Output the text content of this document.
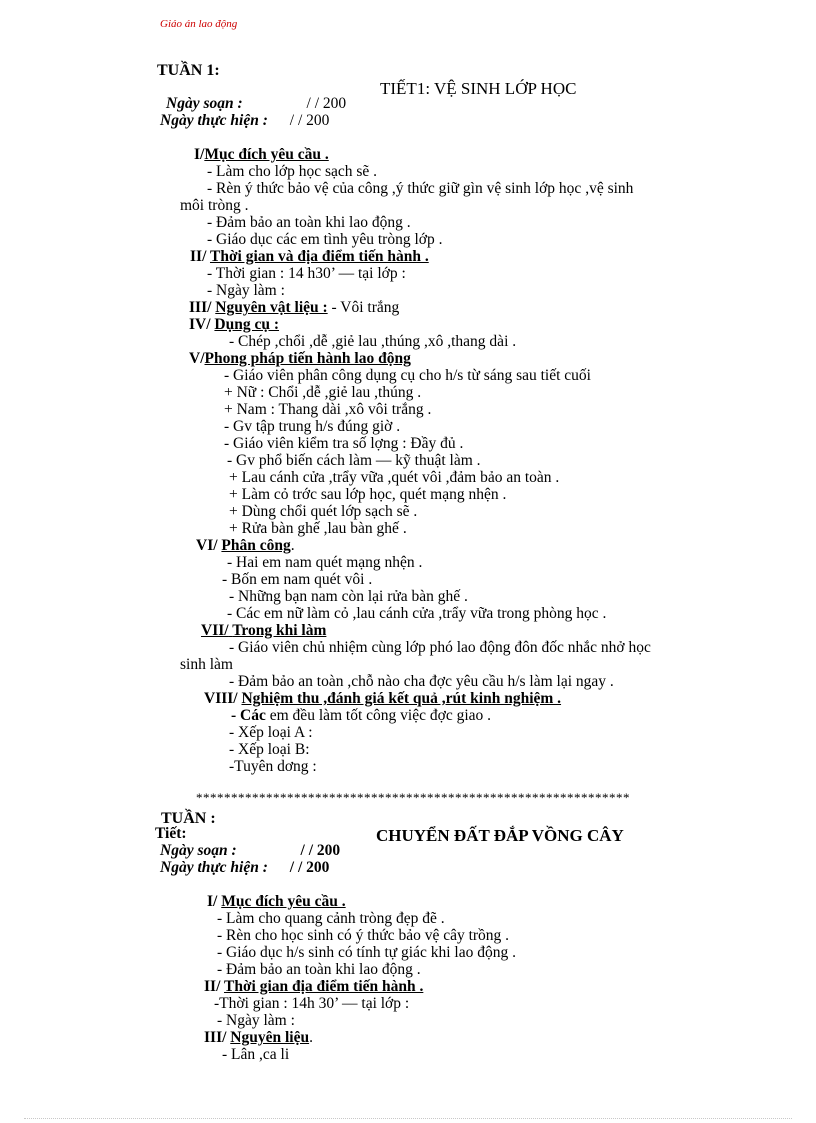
Giáo án lao động
TUẦN 1:
TIẾT1: VỆ SINH LỚP HỌC
Ngày soạn :	/ / 200
Ngày thực hiện : / / 200
I/Mục đích yêu cầu .
- Làm cho lớp học sạch sẽ .
- Rèn ý thức bảo vệ của công ,ý thức giữ gìn vệ sinh lớp học ,vệ sinh
môi tròng .
- Đảm bảo an toàn khi lao động .
- Giáo dục các em tình yêu tròng lớp .
II/ Thời gian và địa điểm tiến hành .
- Thời gian : 14 h30’ — tại lớp :
- Ngày làm :
III/ Nguyên vật liệu : - Vôi trắng
IV/ Dụng cụ :
- Chép ,chổi ,dễ ,giẻ lau ,thúng ,xô ,thang dài .
V/Phong pháp tiến hành lao động
- Giáo viên phân công dụng cụ cho h/s từ sáng sau tiết cuối
+ Nữ : Chổi ,dễ ,giẻ lau ,thúng .
+ Nam : Thang dài ,xô vôi trắng .
- Gv tập trung h/s đúng giờ .
- Giáo viên kiểm tra số lợng : Đầy đủ .
- Gv phổ biến cách làm — kỹ thuật làm .
+ Lau cánh cửa ,trẩy vữa ,quét vôi ,đảm bảo an toàn .
+ Làm cỏ trớc sau lớp học, quét mạng nhện .
+ Dùng chổi quét lớp sạch sẽ .
+ Rửa bàn ghế ,lau bàn ghế .
VI/ Phân công.
- Hai em nam quét mạng nhện .
- Bốn em nam quét vôi .
- Những bạn nam còn lại rửa bàn ghế .
- Các em nữ làm cỏ ,lau cánh cửa ,trẩy vữa trong phòng học .
VII/ Trong khi làm
- Giáo viên chủ nhiệm cùng lớp phó lao động đôn đốc nhắc nhở học
sinh làm
- Đảm bảo an toàn ,chỗ nào cha đợc yêu cầu h/s làm lại ngay .
VIII/ Nghiệm thu ,đánh giá kết quả ,rút kinh nghiệm .
- Các em đều làm tốt công việc đợc giao .
- Xếp loại A :
- Xếp loại B:
-Tuyên dơng :
**************************************************************
TUẦN :
Tiết:	CHUYỂN ĐẤT ĐẮP VỒNG CÂY
Ngày soạn :	/ / 200
Ngày thực hiện : / / 200
I/ Mục đích yêu cầu .
- Làm cho quang cảnh tròng đẹp đẽ .
- Rèn cho học sinh có ý thức bảo vệ cây trồng .
- Giáo dục h/s sinh có tính tự giác khi lao động .
- Đảm bảo an toàn khi lao động .
II/ Thời gian địa điểm tiến hành .
-Thời gian : 14h 30’ — tại lớp :
- Ngày làm :
III/ Nguyên liệu.
- Lân ,ca li
